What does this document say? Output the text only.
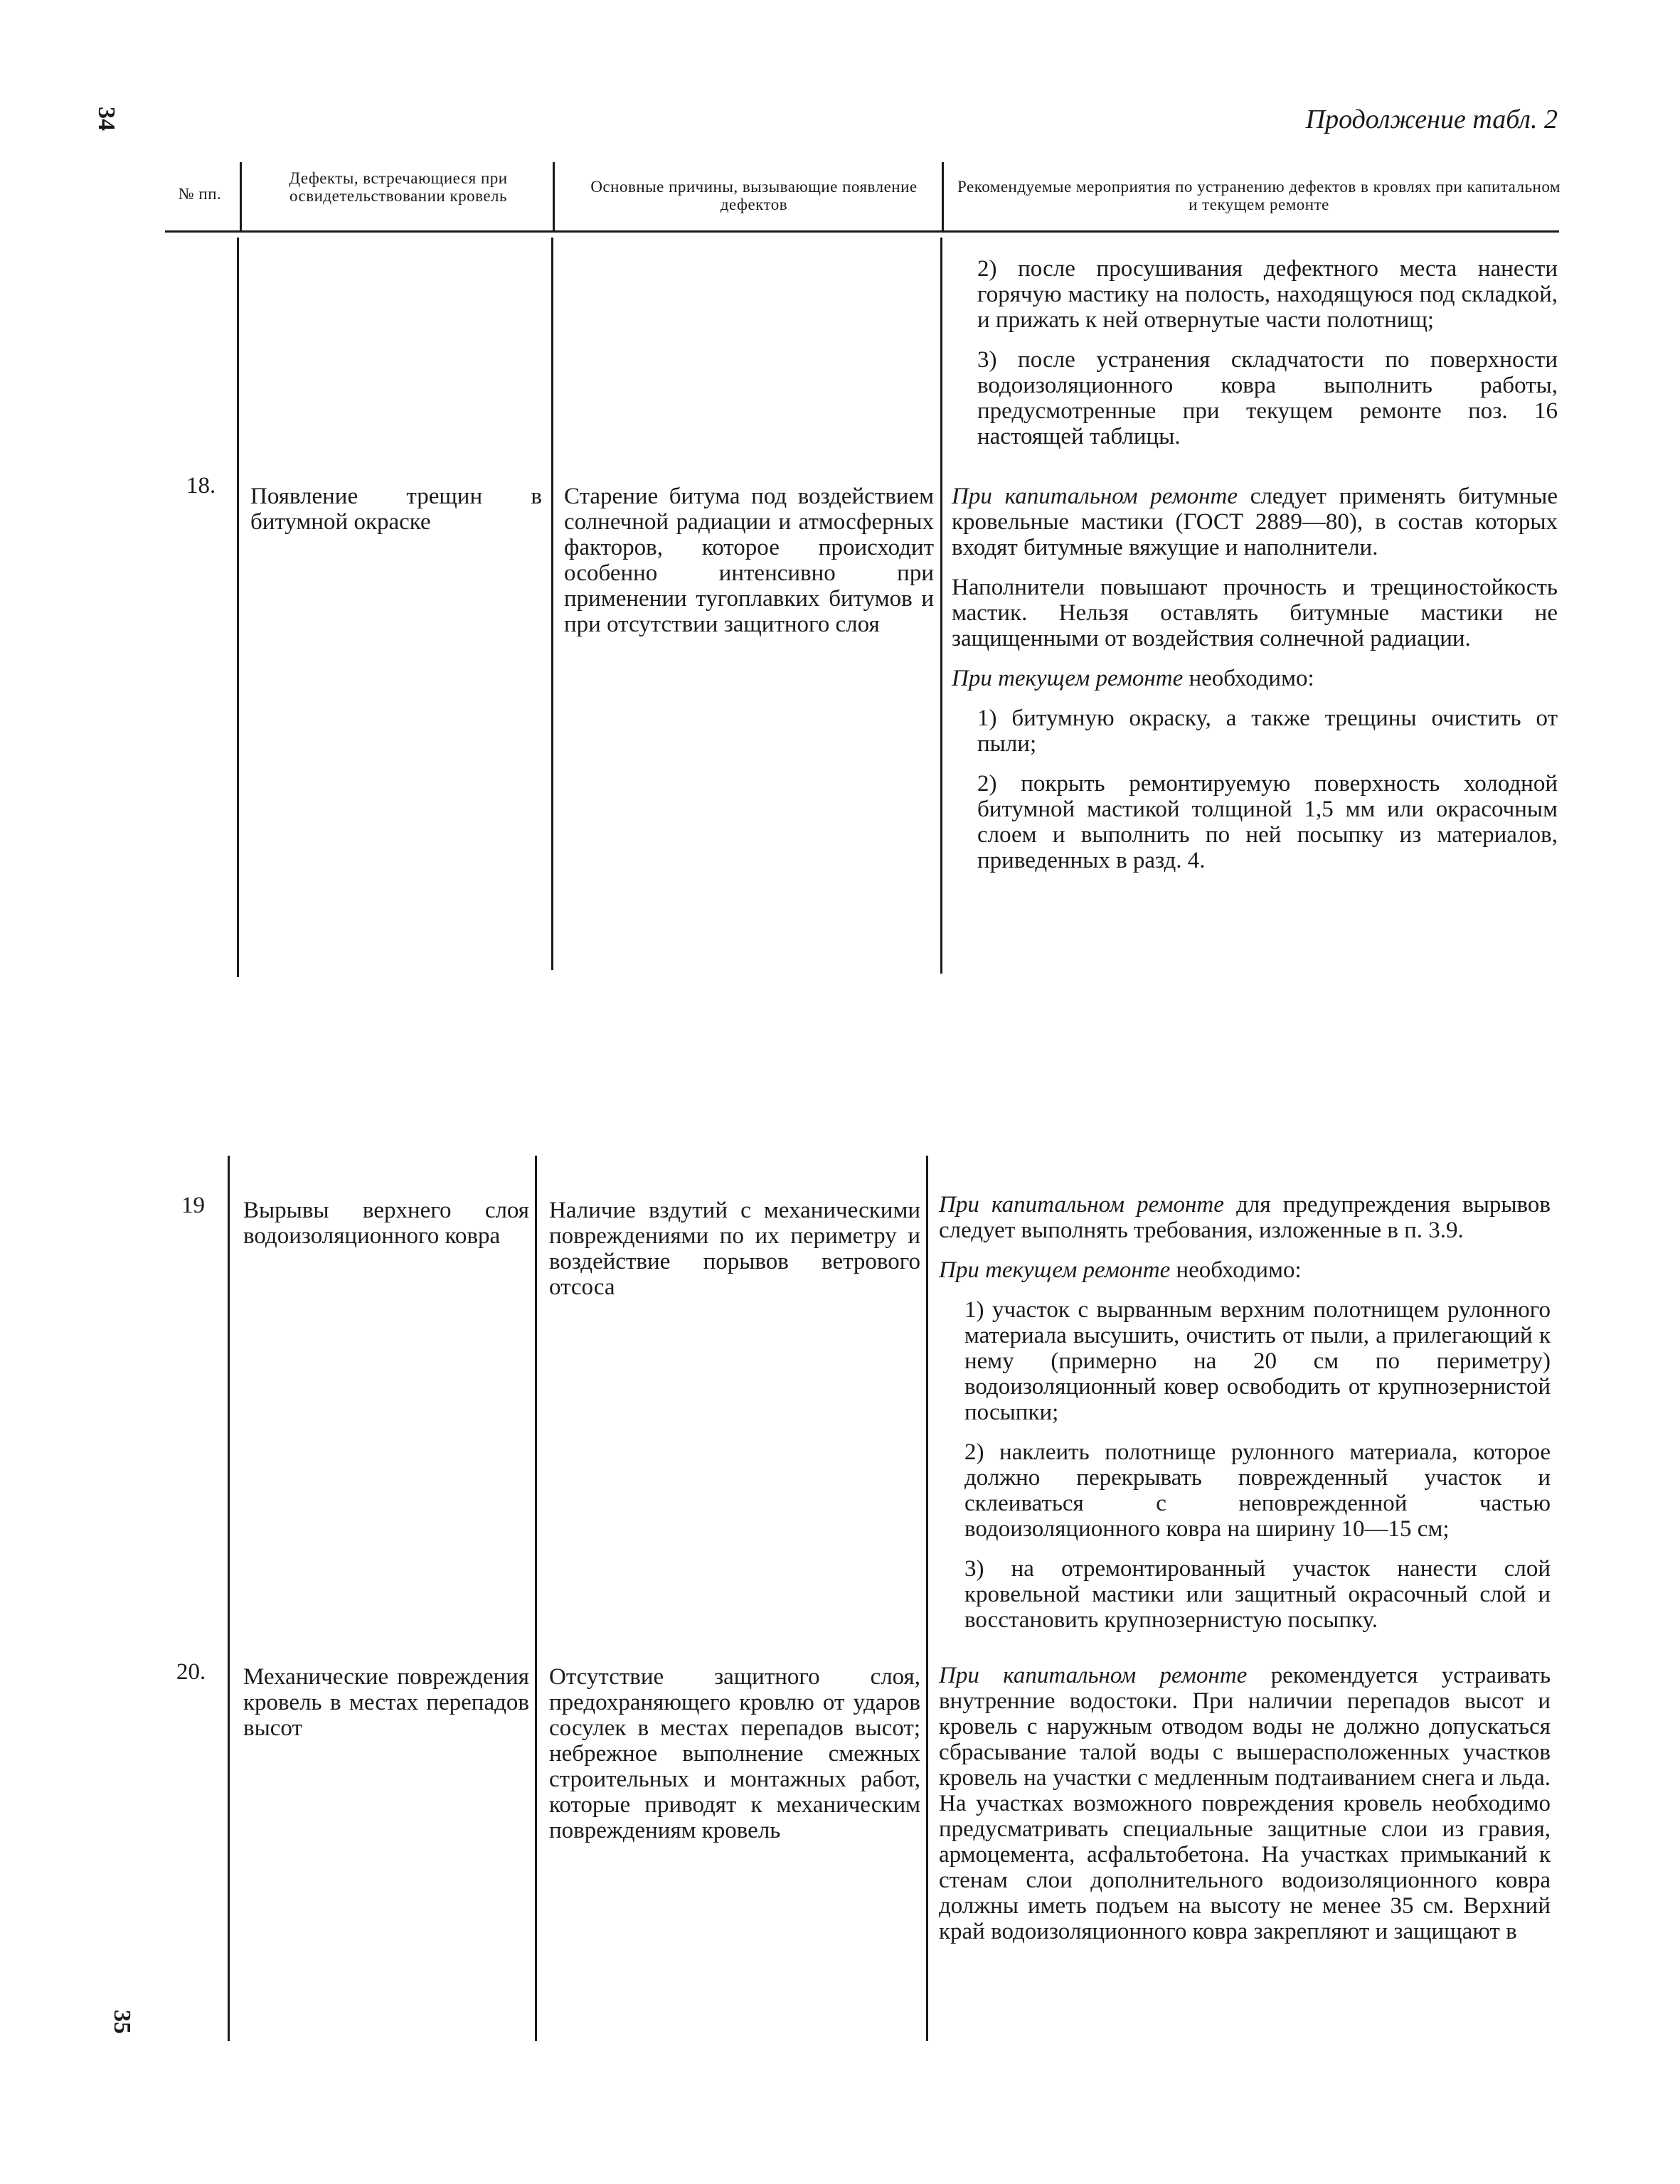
34
35
Продолжение табл. 2
№ пп.
Дефекты, встречающиеся при освидетельствовании кровель
Основные причины, вызывающие появление дефектов
Рекомендуемые мероприятия по устранению дефектов в кровлях при капитальном и текущем ремонте

2) после просушивания дефектного места нанести горячую мастику на полость, находящуюся под складкой, и прижать к ней отвернутые части полотнищ;

3) после устранения складчатости по поверхности водоизоляционного ковра выполнить работы, предусмотренные при текущем ремонте поз. 16 настоящей таблицы.

18. Появление трещин в битумной окраске
Старение битума под воздействием солнечной радиации и атмосферных факторов, которое происходит особенно интенсивно при применении тугоплавких битумов и при отсутствии защитного слоя

При капитальном ремонте следует применять битумные кровельные мастики (ГОСТ 2889—80), в состав которых входят битумные вяжущие и наполнители.

Наполнители повышают прочность и трещиностойкость мастик. Нельзя оставлять битумные мастики не защищенными от воздействия солнечной радиации.

При текущем ремонте необходимо:

1) битумную окраску, а также трещины очистить от пыли;

2) покрыть ремонтируемую поверхность холодной битумной мастикой толщиной 1,5 мм или окрасочным слоем и выполнить по ней посыпку из материалов, приведенных в разд. 4.

19 Вырывы верхнего слоя водоизоляционного ковра
Наличие вздутий с механическими повреждениями по их периметру и воздействие порывов ветрового отсоса

При капитальном ремонте для предупреждения вырывов следует выполнять требования, изложенные в п. 3.9.

При текущем ремонте необходимо:

1) участок с вырванным верхним полотнищем рулонного материала высушить, очистить от пыли, а прилегающий к нему (примерно на 20 см по периметру) водоизоляционный ковер освободить от крупнозернистой посыпки;

2) наклеить полотнище рулонного материала, которое должно перекрывать поврежденный участок и склеиваться с неповрежденной частью водоизоляционного ковра на ширину 10—15 см;

3) на отремонтированный участок нанести слой кровельной мастики или защитный окрасочный слой и восстановить крупнозернистую посыпку.

20. Механические повреждения кровель в местах перепадов высот
Отсутствие защитного слоя, предохраняющего кровлю от ударов сосулек в местах перепадов высот; небрежное выполнение смежных строительных и монтажных работ, которые приводят к механическим повреждениям кровель

При капитальном ремонте рекомендуется устраивать внутренние водостоки. При наличии перепадов высот и кровель с наружным отводом воды не должно допускаться сбрасывание талой воды с вышерасположенных участков кровель на участки с медленным подтаиванием снега и льда. На участках возможного повреждения кровель необходимо предусматривать специальные защитные слои из гравия, армоцемента, асфальтобетона. На участках примыканий к стенам слои дополнительного водоизоляционного ковра должны иметь подъем на высоту не менее 35 см. Верхний край водоизоляционного ковра закрепляют и защищают в
